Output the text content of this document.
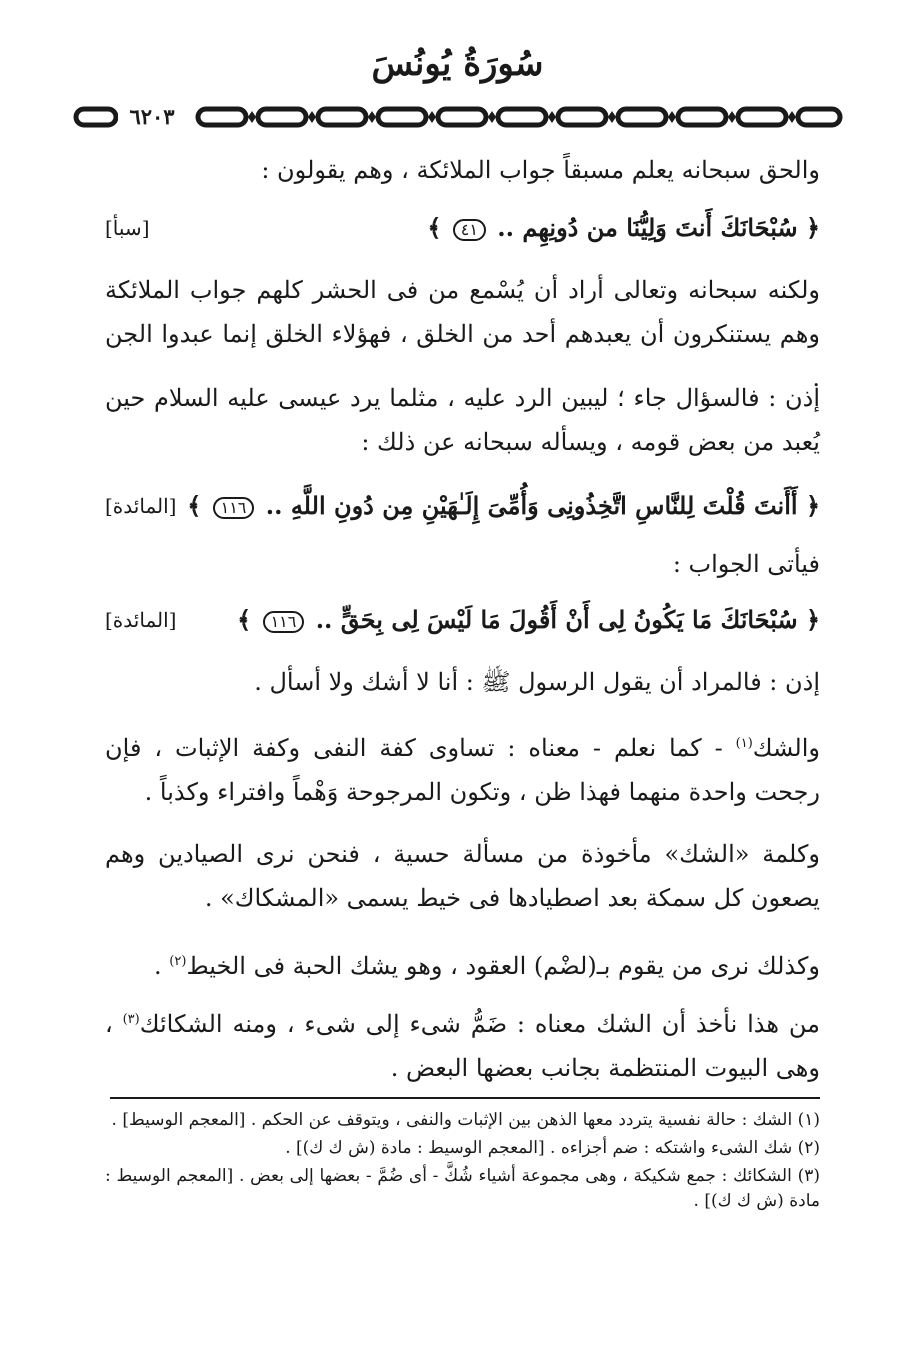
سُورَةُ يُونُسَ
٦٢٠٣

والحق سبحانه يعلم مسبقاً جواب الملائكة ، وهم يقولون :

﴿ سُبْحَانَكَ أَنتَ وَلِيُّنَا من دُونِهِم .. ٤١ ﴾
[سبأ]

ولكنه سبحانه وتعالى أراد أن يُسْمع من فى الحشر كلهم جواب الملائكة وهم يستنكرون أن يعبدهم أحد من الخلق ، فهؤلاء الخلق إنما عبدوا الجن .

إذن : فالسؤال جاء ؛ ليبين الرد عليه ، مثلما يرد عيسى عليه السلام حين يُعبد من بعض قومه ، ويسأله سبحانه عن ذلك :

﴿ أَأَنتَ قُلْتَ لِلنَّاسِ اتَّخِذُونِى وَأُمِّىَ إِلَـٰهَيْنِ مِن دُونِ اللَّهِ .. ١١٦ ﴾
[المائدة]

فيأتى الجواب :

﴿ سُبْحَانَكَ مَا يَكُونُ لِى أَنْ أَقُولَ مَا لَيْسَ لِى بِحَقٍّ .. ١١٦ ﴾
[المائدة]

إذن : فالمراد أن يقول الرسول ﷺ : أنا لا أشك ولا أسأل .

والشك$^{(١)}$ - كما نعلم - معناه : تساوى كفة النفى وكفة الإثبات ، فإن رجحت واحدة منهما فهذا ظن ، وتكون المرجوحة وَهْماً وافتراء وكذباً .

وكلمة «الشك» مأخوذة من مسألة حسية ، فنحن نرى الصيادين وهم يصعون كل سمكة بعد اصطيادها فى خيط يسمى «المشكاك» .

وكذلك نرى من يقوم بـ(لضْم) العقود ، وهو يشك الحبة فى الخيط$^{(٢)}$ .

من هذا نأخذ أن الشك معناه : ضَمُّ شىء إلى شىء ، ومنه الشكائك$^{(٣)}$ ، وهى البيوت المنتظمة بجانب بعضها البعض .

(١) الشك : حالة نفسية يتردد معها الذهن بين الإثبات والنفى ، ويتوقف عن الحكم . [المعجم الوسيط] .

(٢) شك الشىء واشتكه : ضم أجزاءه . [المعجم الوسيط : مادة (ش ك ك)] .

(٣) الشكائك : جمع شكيكة ، وهى مجموعة أشياء شُكَّ - أى ضُمَّ - بعضها إلى بعض . [المعجم الوسيط : مادة (ش ك ك)] .
